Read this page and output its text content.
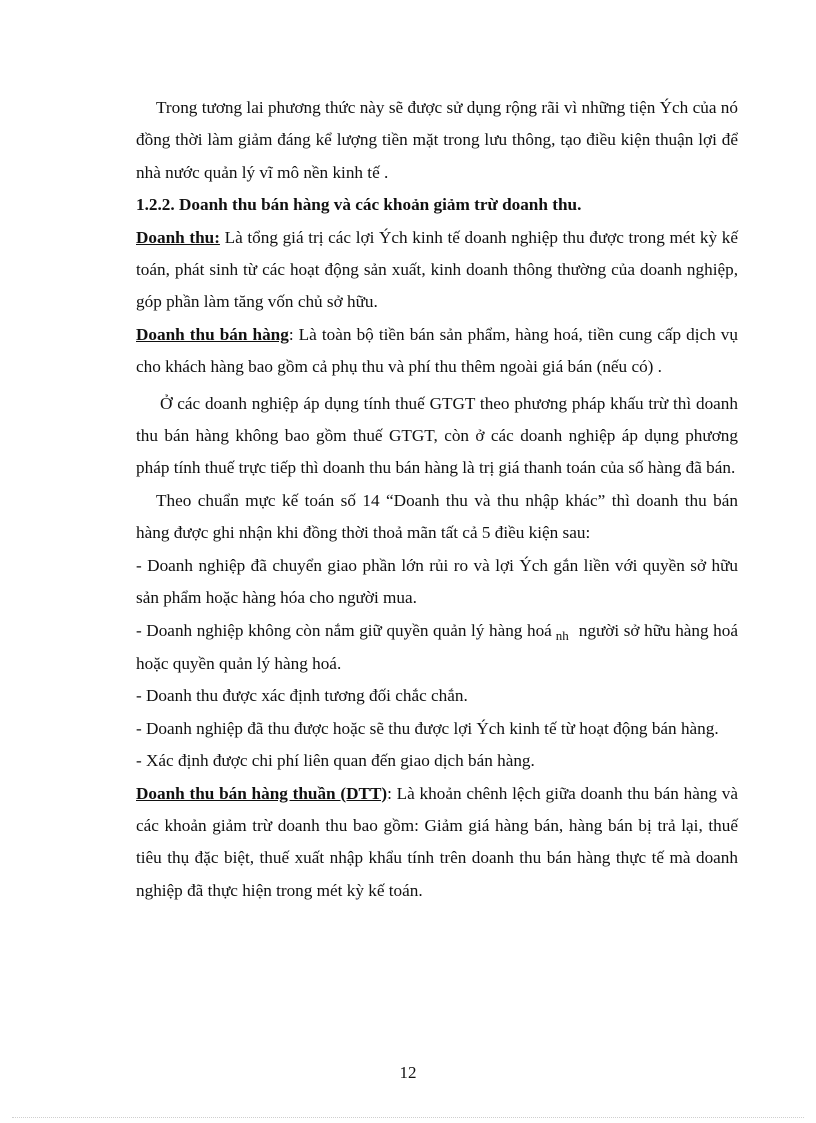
Trong tương lai phương thức này sẽ được sử dụng rộng rãi vì những tiện Ých của nó đồng thời làm giảm đáng kể lượng tiền mặt trong lưu thông, tạo điều kiện thuận lợi để nhà nước quản lý vĩ mô nền kinh tế .

1.2.2. Doanh thu bán hàng và các khoản giảm trừ doanh thu.

Doanh thu: Là tổng giá trị các lợi Ých kinh tế doanh nghiệp thu được trong mét kỳ kế toán, phát sinh từ các hoạt động sản xuất, kinh doanh thông thường của doanh nghiệp, góp phần làm tăng vốn chủ sở hữu.

Doanh thu bán hàng: Là toàn bộ tiền bán sản phẩm, hàng hoá, tiền cung cấp dịch vụ cho khách hàng bao gồm cả phụ thu và phí thu thêm ngoài giá bán (nếu có) .

Ở các doanh nghiệp áp dụng tính thuế GTGT theo phương pháp khấu trừ thì doanh thu bán hàng không bao gồm thuế GTGT, còn ở các doanh nghiệp áp dụng phương pháp tính thuế trực tiếp thì doanh thu bán hàng là trị giá thanh toán của số hàng đã bán.

Theo chuẩn mực kế toán số 14 “Doanh thu và thu nhập khác” thì doanh thu bán hàng được ghi nhận khi đồng thời thoả mãn tất cả 5 điều kiện sau:

- Doanh nghiệp đã chuyển giao phần lớn rủi ro và lợi Ých gắn liền với quyền sở hữu sản phẩm hoặc hàng hóa cho người mua.

- Doanh nghiệp không còn nắm giữ quyền quản lý hàng hoá $_{nh}$ người sở hữu hàng hoá hoặc quyền quản lý hàng hoá.

- Doanh thu được xác định tương đối chắc chắn.

- Doanh nghiệp đã thu được hoặc sẽ thu được lợi Ých kinh tế từ hoạt động bán hàng.

- Xác định được chi phí liên quan đến giao dịch bán hàng.

Doanh thu bán hàng thuần (DTT): Là khoản chênh lệch giữa doanh thu bán hàng và các khoản giảm trừ doanh thu bao gồm: Giảm giá hàng bán, hàng bán bị trả lại, thuế tiêu thụ đặc biệt, thuế xuất nhập khẩu tính trên doanh thu bán hàng thực tế mà doanh nghiệp đã thực hiện trong mét kỳ kế toán.

12
